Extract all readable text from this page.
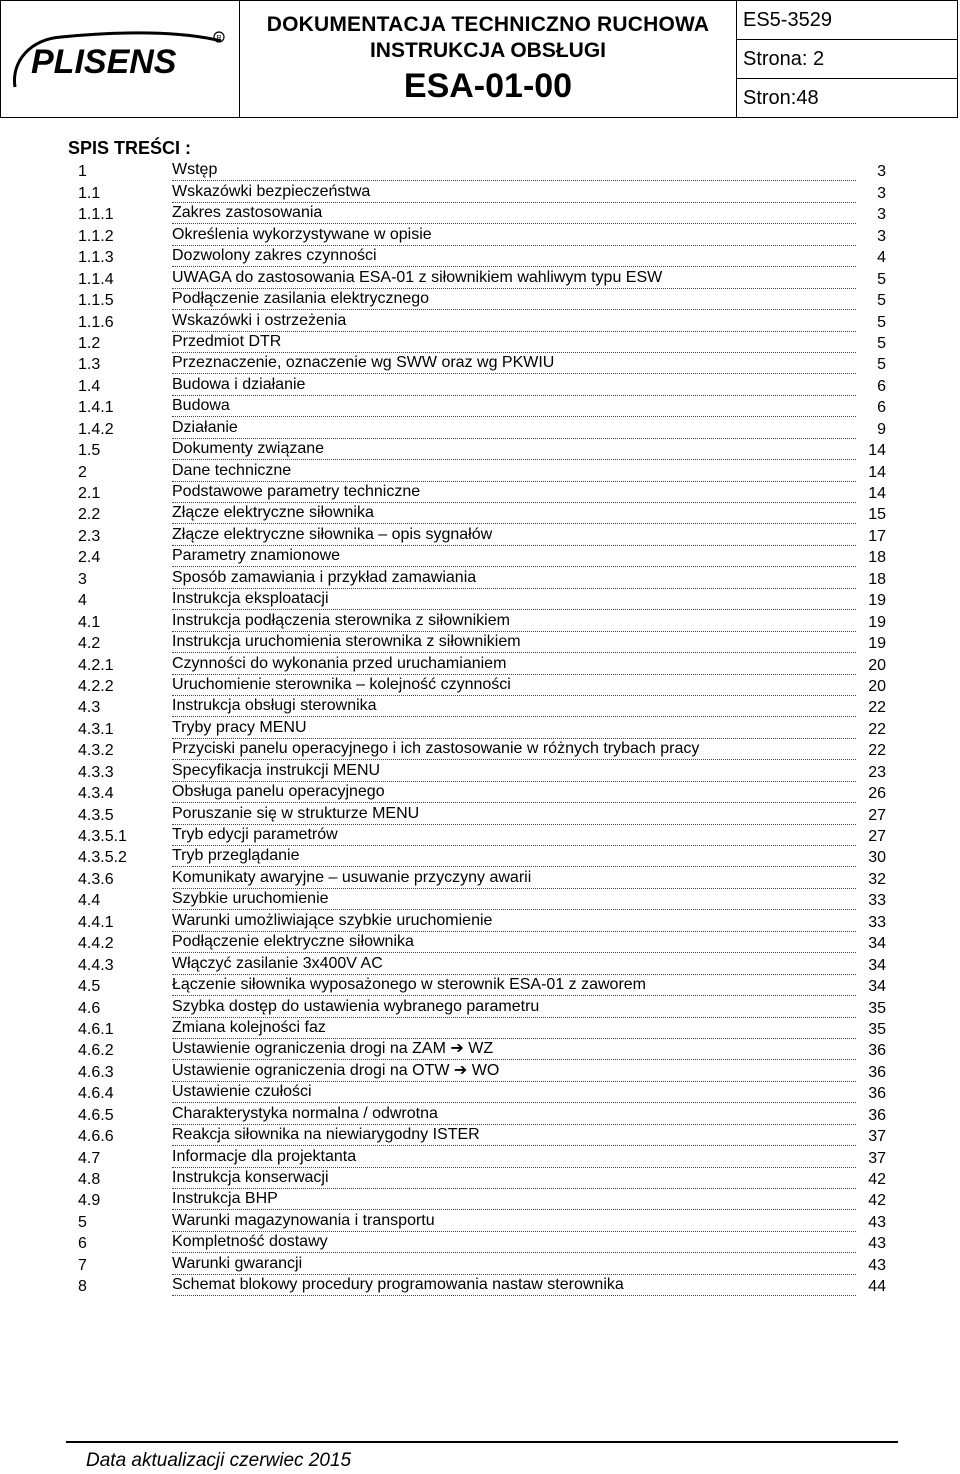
PLISENS
R
DOKUMENTACJA TECHNICZNO RUCHOWA
INSTRUKCJA OBSŁUGI
ESA-01-00
ES5-3529
Strona: 2
Stron:48
SPIS TREŚCI :
1	Wstęp	3
1.1	Wskazówki bezpieczeństwa	3
1.1.1	Zakres zastosowania	3
1.1.2	Określenia wykorzystywane w opisie	3
1.1.3	Dozwolony zakres czynności	4
1.1.4	UWAGA do zastosowania ESA-01 z siłownikiem wahliwym typu ESW	5
1.1.5	Podłączenie zasilania elektrycznego	5
1.1.6	Wskazówki i ostrzeżenia	5
1.2	Przedmiot DTR	5
1.3	Przeznaczenie, oznaczenie wg SWW oraz wg PKWIU	5
1.4	Budowa i działanie	6
1.4.1	Budowa	6
1.4.2	Działanie	9
1.5	Dokumenty związane	14
2	Dane techniczne	14
2.1	Podstawowe parametry techniczne	14
2.2	Złącze elektryczne siłownika	15
2.3	Złącze elektryczne siłownika – opis sygnałów	17
2.4	Parametry znamionowe	18
3	Sposób zamawiania i przykład zamawiania	18
4	Instrukcja eksploatacji	19
4.1	Instrukcja podłączenia sterownika z siłownikiem	19
4.2	Instrukcja uruchomienia sterownika z siłownikiem	19
4.2.1	Czynności do wykonania przed uruchamianiem	20
4.2.2	Uruchomienie sterownika – kolejność czynności	20
4.3	Instrukcja obsługi sterownika	22
4.3.1	Tryby pracy MENU	22
4.3.2	Przyciski panelu operacyjnego i ich zastosowanie w różnych trybach pracy	22
4.3.3	Specyfikacja instrukcji MENU	23
4.3.4	Obsługa panelu operacyjnego	26
4.3.5	Poruszanie się w strukturze MENU	27
4.3.5.1	Tryb edycji parametrów	27
4.3.5.2	Tryb przeglądanie	30
4.3.6	Komunikaty awaryjne – usuwanie przyczyny awarii	32
4.4	Szybkie uruchomienie	33
4.4.1	Warunki umożliwiające szybkie uruchomienie	33
4.4.2	Podłączenie elektryczne siłownika	34
4.4.3	Włączyć zasilanie 3x400V AC	34
4.5	Łączenie siłownika wyposażonego w sterownik ESA-01 z zaworem	34
4.6	Szybka dostęp do ustawienia wybranego parametru	35
4.6.1	Zmiana kolejności faz	35
4.6.2	Ustawienie ograniczenia drogi na ZAM ➔ WZ	36
4.6.3	Ustawienie ograniczenia drogi na OTW ➔ WO	36
4.6.4	Ustawienie czułości	36
4.6.5	Charakterystyka normalna / odwrotna	36
4.6.6	Reakcja siłownika na niewiarygodny ISTER	37
4.7	Informacje dla projektanta	37
4.8	Instrukcja konserwacji	42
4.9	Instrukcja BHP	42
5	Warunki magazynowania i transportu	43
6	Kompletność dostawy	43
7	Warunki gwarancji	43
8	Schemat blokowy procedury programowania nastaw sterownika	44
Data aktualizacji czerwiec 2015
